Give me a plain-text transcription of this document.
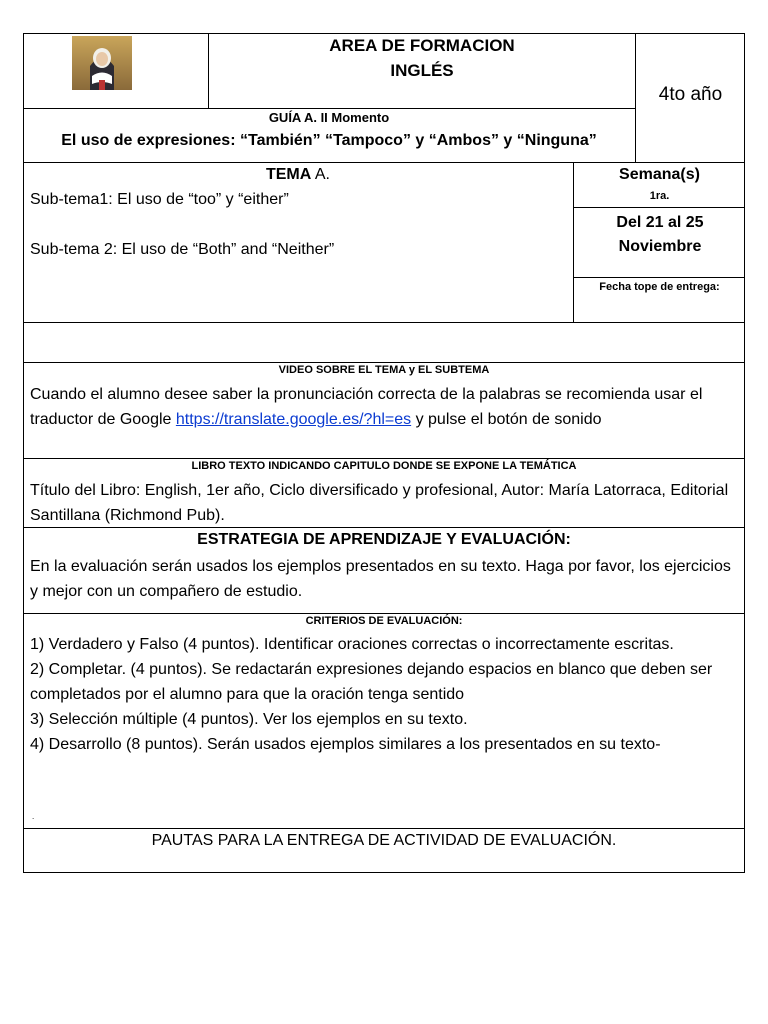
AREA DE FORMACION
INGLÉS
4to año
GUÍA A. II Momento
El uso de expresiones: “También” “Tampoco” y “Ambos” y “Ninguna”
TEMA A.
Sub-tema1: El uso de “too” y “either”
Sub-tema 2: El uso de “Both” and “Neither”
Semana(s)
1ra.
Del 21 al 25 Noviembre
Fecha tope de entrega:
VIDEO SOBRE EL TEMA y EL SUBTEMA

Cuando el alumno desee saber la pronunciación correcta de la palabras se recomienda usar el traductor de Google https://translate.google.es/?hl=es y pulse el botón de sonido

LIBRO TEXTO INDICANDO CAPITULO DONDE SE EXPONE LA TEMÁTICA

Título del Libro: English, 1er año, Ciclo diversificado y profesional, Autor: María Latorraca, Editorial Santillana (Richmond Pub).

ESTRATEGIA DE APRENDIZAJE Y EVALUACIÓN:

En la evaluación serán usados los ejemplos presentados en su texto. Haga por favor, los ejercicios y mejor con un compañero de estudio.

CRITERIOS DE EVALUACIÓN:

1) Verdadero y Falso (4 puntos). Identificar oraciones correctas o incorrectamente escritas.

2) Completar. (4 puntos). Se redactarán expresiones dejando espacios en blanco que deben ser completados por el alumno para que la oración tenga sentido

3) Selección múltiple (4 puntos). Ver los ejemplos en su texto.

4) Desarrollo (8 puntos). Serán usados ejemplos similares a los presentados en su texto-

.
PAUTAS PARA LA ENTREGA DE ACTIVIDAD DE EVALUACIÓN.
